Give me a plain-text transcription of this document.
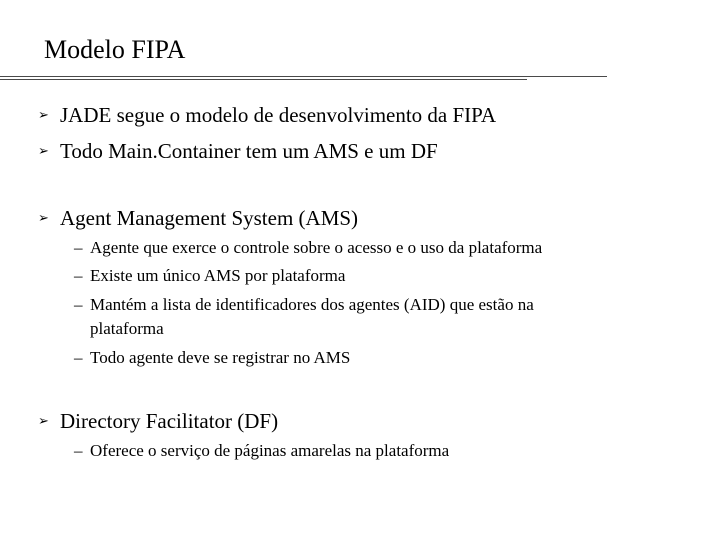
Modelo FIPA
➢ JADE segue o modelo de desenvolvimento da FIPA
➢ Todo Main.Container tem um AMS e um DF
➢ Agent Management System (AMS)
– Agente que exerce o controle sobre o acesso e o uso da plataforma
– Existe um único AMS por plataforma
– Mantém a lista de identificadores dos agentes (AID) que estão na
plataforma
– Todo agente deve se registrar no AMS
➢ Directory Facilitator (DF)
– Oferece o serviço de páginas amarelas na plataforma
